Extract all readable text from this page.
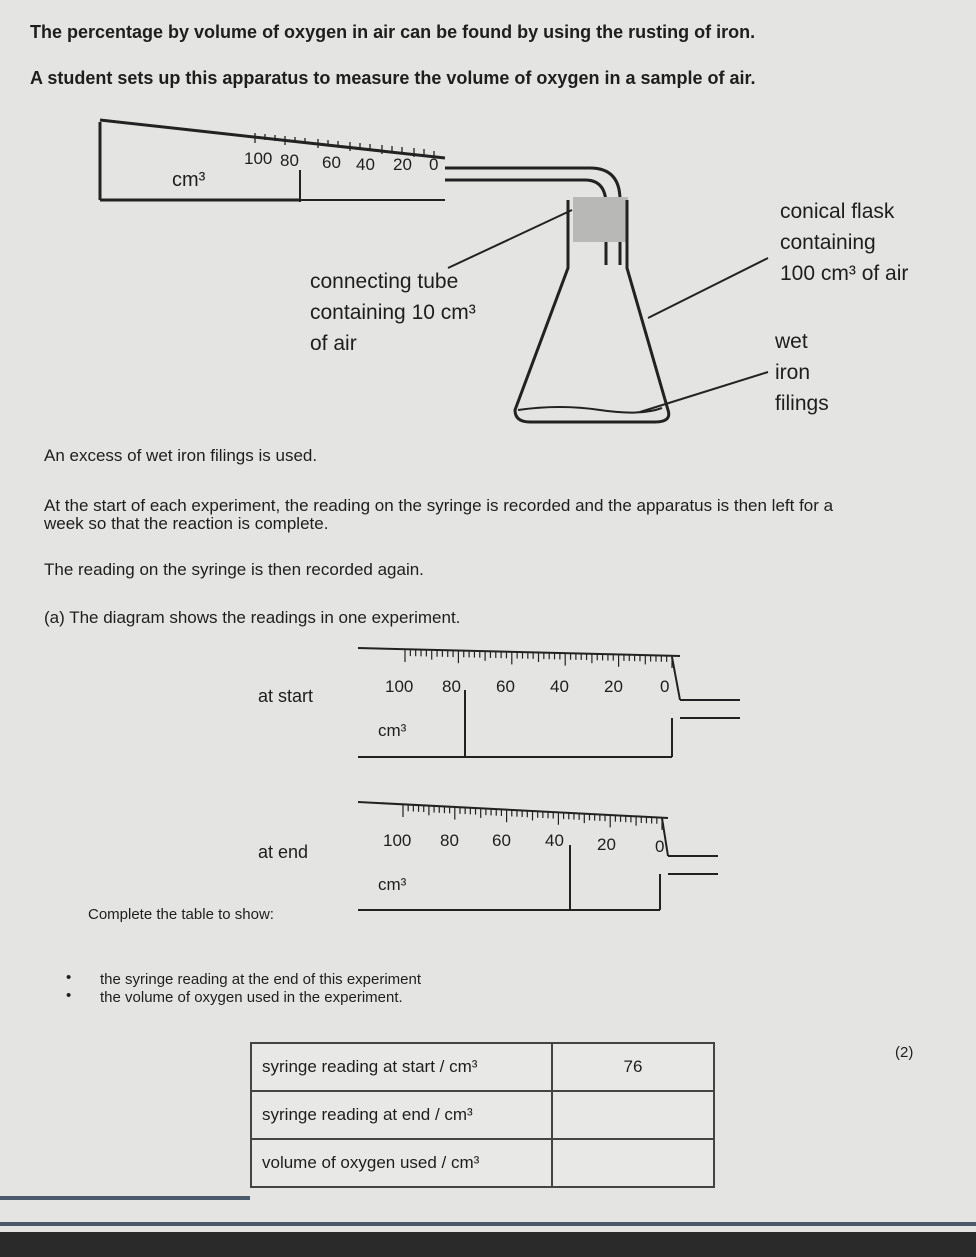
The percentage by volume of oxygen in air can be found by using the rusting of iron.
A student sets up this apparatus to measure the volume of oxygen in a sample of air.
100 80 60 40 20 0
cm³
connecting tube
containing 10 cm³
of air
conical flask
containing
100 cm³ of air
wet
iron
filings
An excess of wet iron filings is used.
At the start of each experiment, the reading on the syringe is recorded and the apparatus is then left for a
week so that the reaction is complete.
The reading on the syringe is then recorded again.
(a) The diagram shows the readings in one experiment.
at start
at end
100 80 60 40 20 0
cm³
100 80 60 40 20 0
cm³
Complete the table to show:
• the syringe reading at the end of this experiment
• the volume of oxygen used in the experiment.
(2)
syringe reading at start / cm³	76
syringe reading at end / cm³	
volume of oxygen used / cm³	
